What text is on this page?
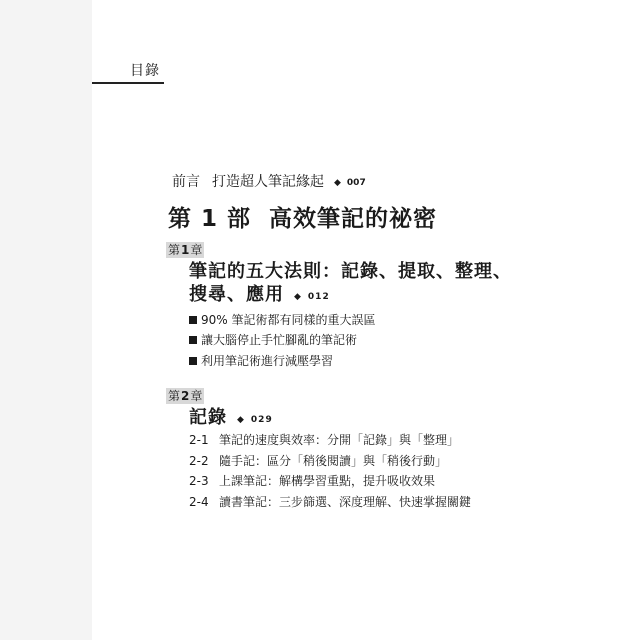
目錄
前言 打造超人筆記緣起 ◆ 007
第 1 部 高效筆記的祕密
第1章
筆記的五大法則：記錄、提取、整理、
搜尋、應用 ◆ 012
90% 筆記術都有同樣的重大誤區
讓大腦停止手忙腳亂的筆記術
利用筆記術進行減壓學習
第2章
記錄 ◆ 029
2-1 筆記的速度與效率：分開「記錄」與「整理」
2-2 隨手記：區分「稍後閱讀」與「稍後行動」
2-3 上課筆記：解構學習重點，提升吸收效果
2-4 讀書筆記：三步篩選、深度理解、快速掌握關鍵
